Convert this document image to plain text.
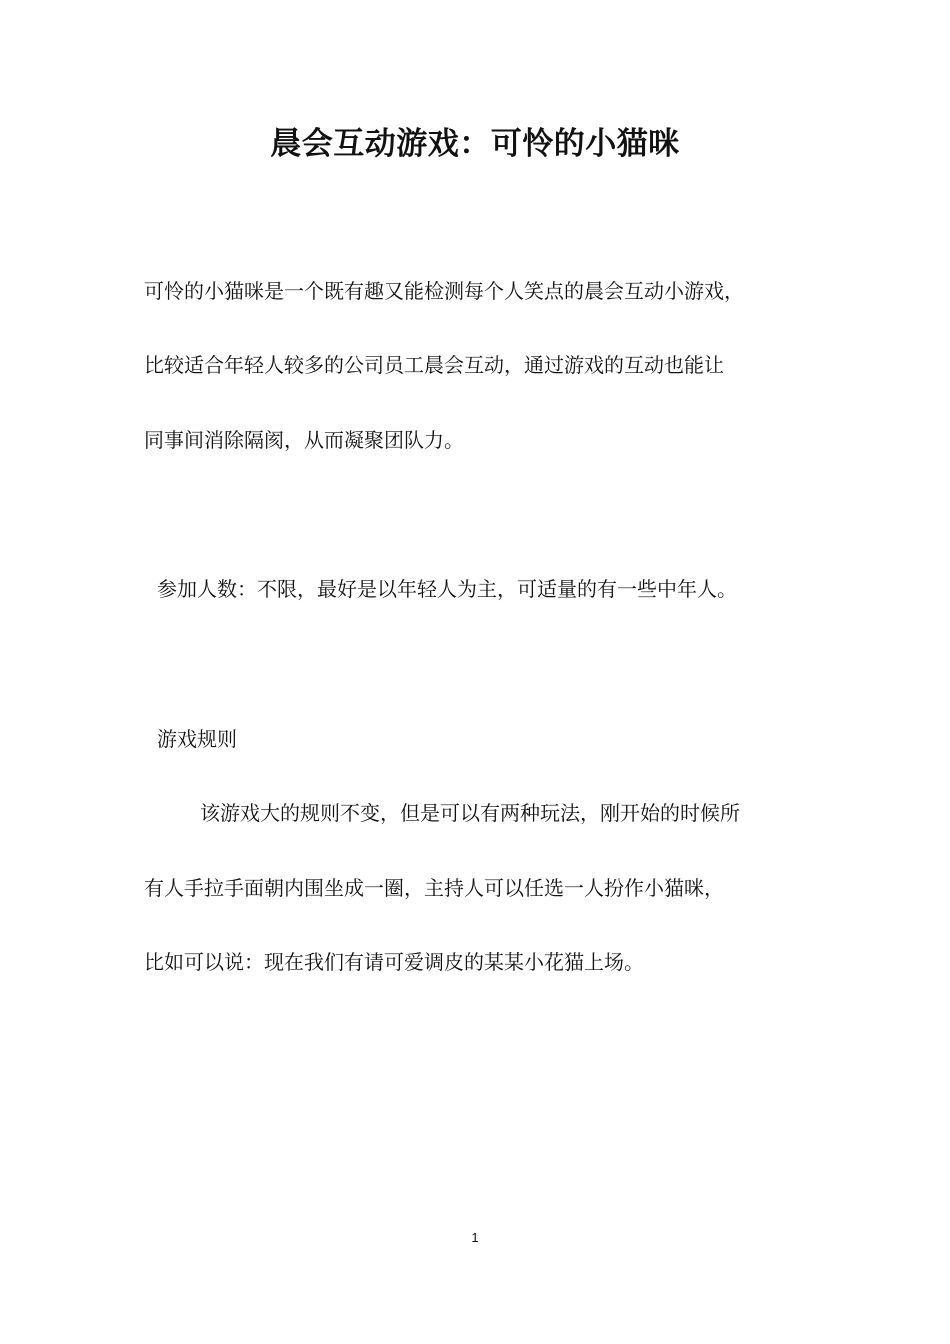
晨会互动游戏：可怜的小猫咪
可怜的小猫咪是一个既有趣又能检测每个人笑点的晨会互动小游戏，
比较适合年轻人较多的公司员工晨会互动，通过游戏的互动也能让
同事间消除隔阂，从而凝聚团队力。
参加人数：不限，最好是以年轻人为主，可适量的有一些中年人。
游戏规则
该游戏大的规则不变，但是可以有两种玩法，刚开始的时候所
有人手拉手面朝内围坐成一圈，主持人可以任选一人扮作小猫咪，
比如可以说：现在我们有请可爱调皮的某某小花猫上场。
1
